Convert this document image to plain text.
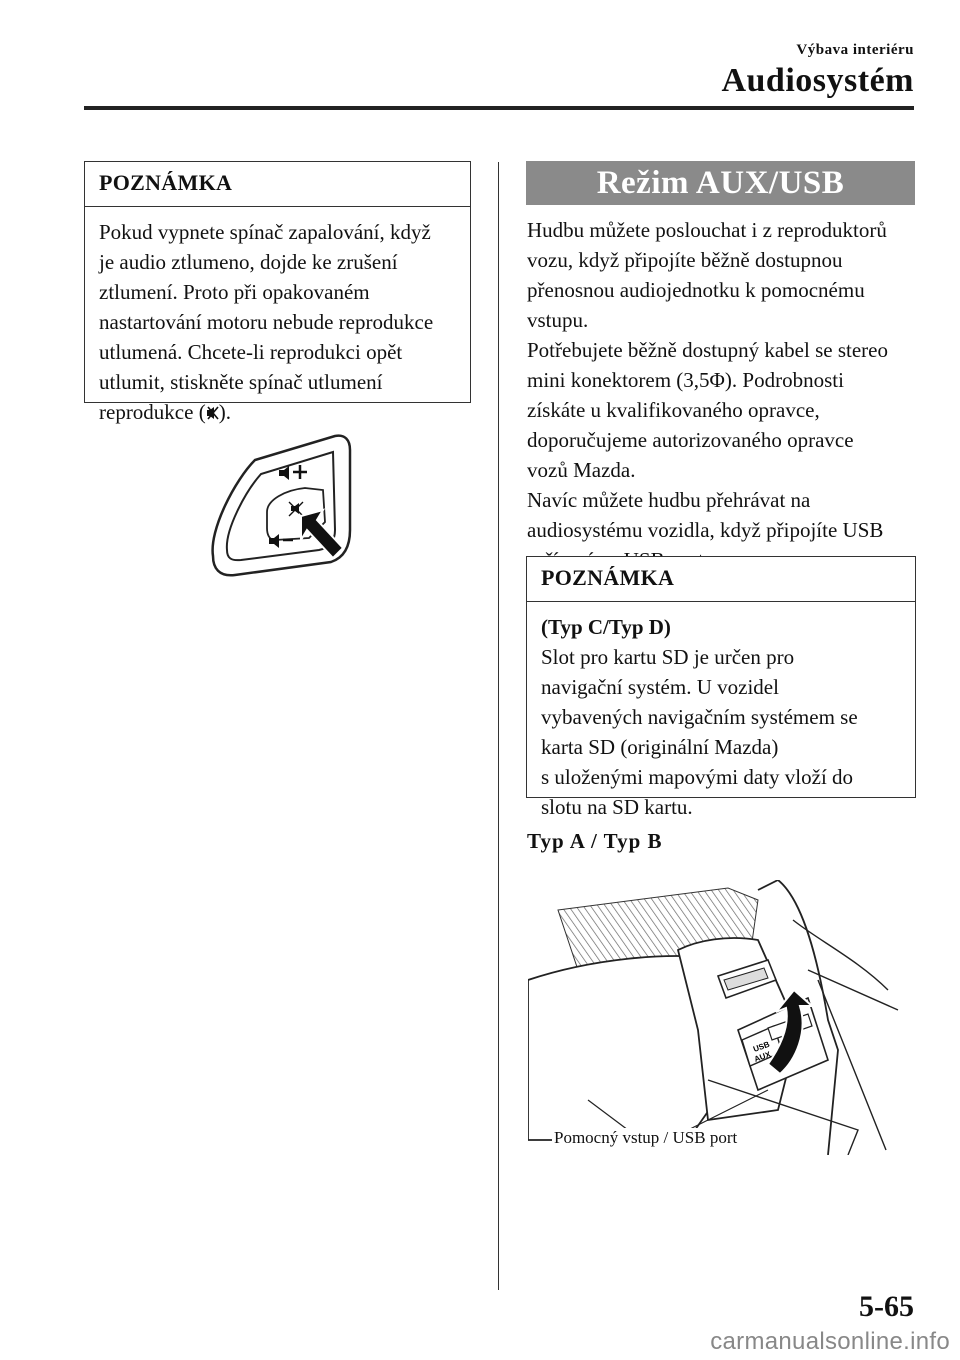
Výbava interiéru
Audiosystém
POZNÁMKA

Pokud vypnete spínač zapalování, když

je audio ztlumeno, dojde ke zrušení

ztlumení. Proto při opakovaném

nastartování motoru nebude reprodukce

utlumená. Chcete-li reprodukci opět

utlumit, stiskněte spínač utlumení

reprodukce ( ).

Režim AUX/USB

Hudbu můžete poslouchat i z reproduktorů

vozu, když připojíte běžně dostupnou

přenosnou audiojednotku k pomocnému

vstupu.

Potřebujete běžně dostupný kabel se stereo

mini konektorem (3,5Φ). Podrobnosti

získáte u kvalifikovaného opravce,

doporučujeme autorizovaného opravce

vozů Mazda.

Navíc můžete hudbu přehrávat na

audiosystému vozidla, když připojíte USB

POZNÁMKA

(Typ C/Typ D)

Slot pro kartu SD je určen pro

navigační systém. U vozidel

vybavených navigačním systémem se

karta SD (originální Mazda)

s uloženými mapovými daty vloží do

slotu na SD kartu.

Typ A / Typ B
USB
AUX
Pomocný vstup / USB port
5-65
carmanualsonline.info
